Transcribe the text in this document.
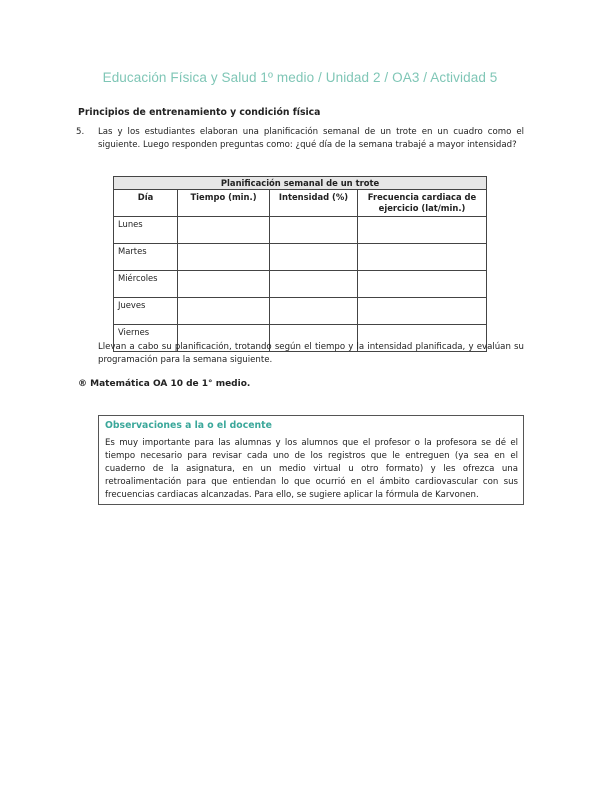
Educación Física y Salud 1º medio / Unidad 2 / OA3 / Actividad 5
Principios de entrenamiento y condición física
5. Las y los estudiantes elaboran una planificación semanal de un trote en un cuadro como el siguiente. Luego responden preguntas como: ¿qué día de la semana trabajé a mayor intensidad?
Planificación semanal de un trote			
Día	Tiempo (min.)	Intensidad (%)	Frecuencia cardiaca de ejercicio (lat/min.)
Lunes			
Martes			
Miércoles			
Jueves			
Viernes			
Llevan a cabo su planificación, trotando según el tiempo y la intensidad planificada, y evalúan su programación para la semana siguiente.
® Matemática OA 10 de 1° medio.
Observaciones a la o el docente
Es muy importante para las alumnas y los alumnos que el profesor o la profesora se dé el tiempo necesario para revisar cada uno de los registros que le entreguen (ya sea en el cuaderno de la asignatura, en un medio virtual u otro formato) y les ofrezca una retroalimentación para que entiendan lo que ocurrió en el ámbito cardiovascular con sus frecuencias cardiacas alcanzadas. Para ello, se sugiere aplicar la fórmula de Karvonen.
